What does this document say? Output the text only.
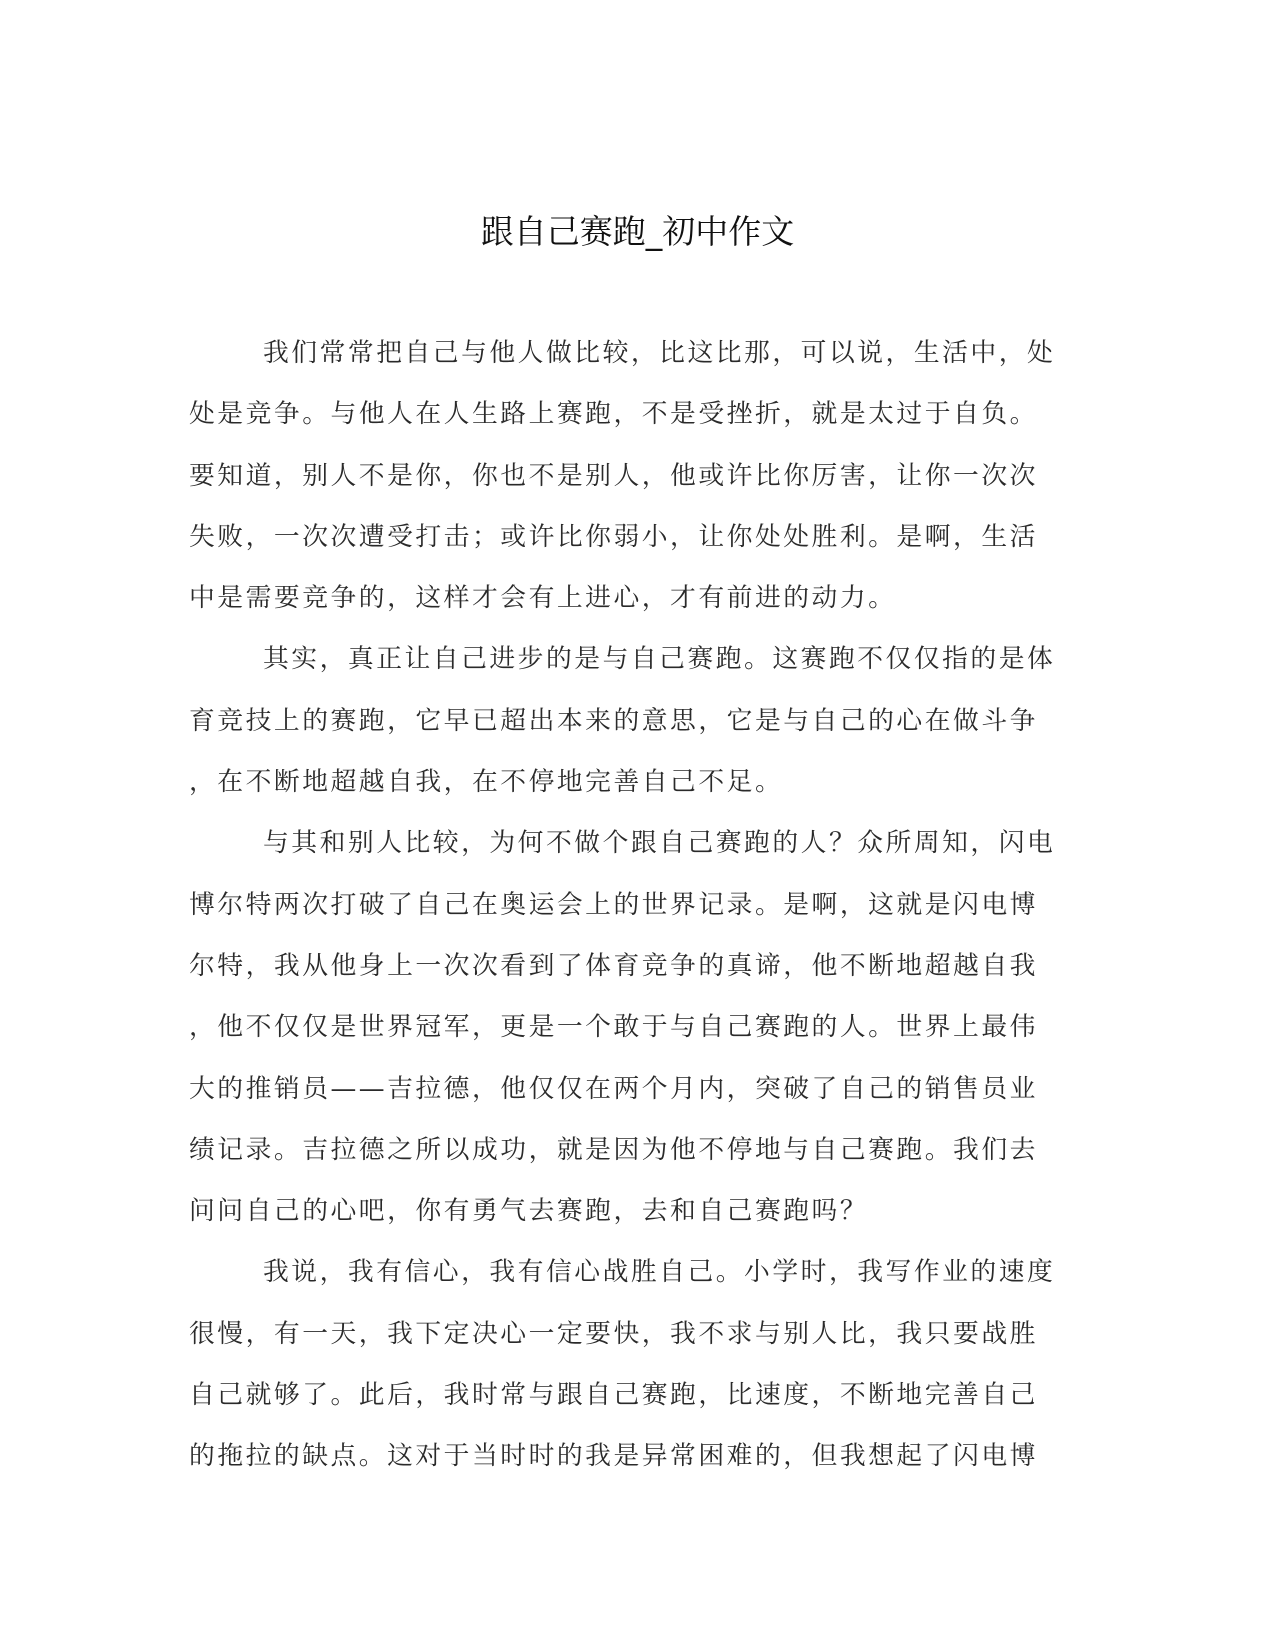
跟自己赛跑_初中作文
我们常常把自己与他人做比较，比这比那，可以说，生活中，处
处是竞争。与他人在人生路上赛跑，不是受挫折，就是太过于自负。
要知道，别人不是你，你也不是别人，他或许比你厉害，让你一次次
失败，一次次遭受打击；或许比你弱小，让你处处胜利。是啊，生活
中是需要竞争的，这样才会有上进心，才有前进的动力。
其实，真正让自己进步的是与自己赛跑。这赛跑不仅仅指的是体
育竞技上的赛跑，它早已超出本来的意思，它是与自己的心在做斗争
，在不断地超越自我，在不停地完善自己不足。
与其和别人比较，为何不做个跟自己赛跑的人？众所周知，闪电
博尔特两次打破了自己在奥运会上的世界记录。是啊，这就是闪电博
尔特，我从他身上一次次看到了体育竞争的真谛，他不断地超越自我
，他不仅仅是世界冠军，更是一个敢于与自己赛跑的人。世界上最伟
大的推销员——吉拉德，他仅仅在两个月内，突破了自己的销售员业
绩记录。吉拉德之所以成功，就是因为他不停地与自己赛跑。我们去
问问自己的心吧，你有勇气去赛跑，去和自己赛跑吗？
我说，我有信心，我有信心战胜自己。小学时，我写作业的速度
很慢，有一天，我下定决心一定要快，我不求与别人比，我只要战胜
自己就够了。此后，我时常与跟自己赛跑，比速度，不断地完善自己
的拖拉的缺点。这对于当时时的我是异常困难的，但我想起了闪电博
